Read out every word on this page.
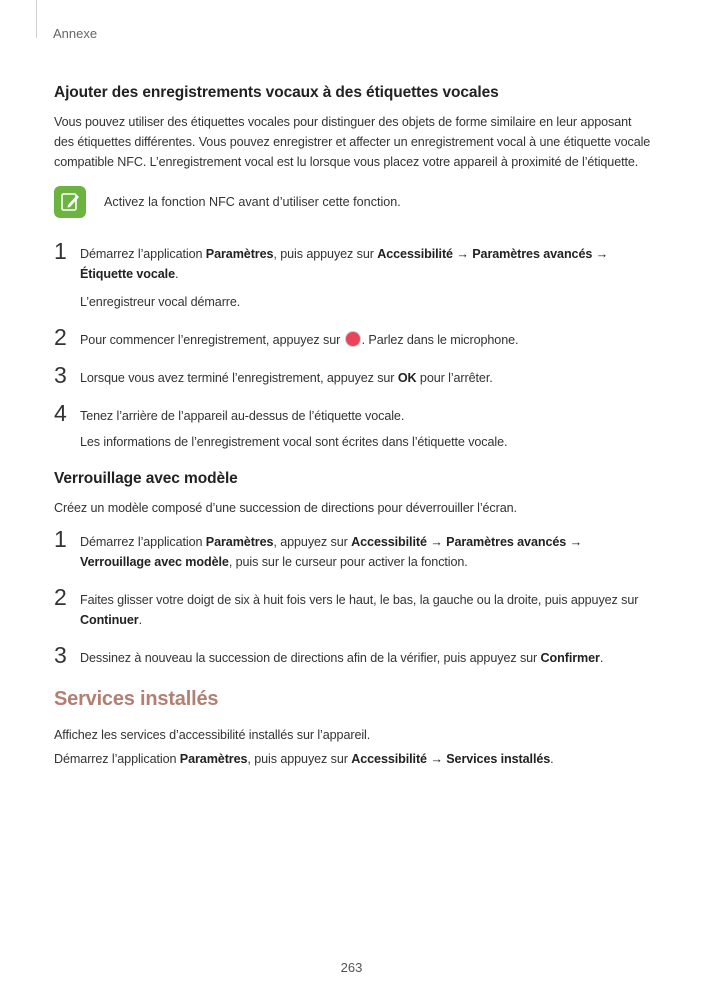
Annexe
Ajouter des enregistrements vocaux à des étiquettes vocales

Vous pouvez utiliser des étiquettes vocales pour distinguer des objets de forme similaire en leur apposant des étiquettes différentes. Vous pouvez enregistrer et affecter un enregistrement vocal à une étiquette vocale compatible NFC. L’enregistrement vocal est lu lorsque vous placez votre appareil à proximité de l’étiquette.

Activez la fonction NFC avant d’utiliser cette fonction.
1 Démarrez l’application Paramètres, puis appuyez sur Accessibilité → Paramètres avancés → Étiquette vocale.

L’enregistreur vocal démarre.

2 Pour commencer l’enregistrement, appuyez sur . Parlez dans le microphone.

3 Lorsque vous avez terminé l’enregistrement, appuyez sur OK pour l’arrêter.

4 Tenez l’arrière de l’appareil au-dessus de l’étiquette vocale.

Les informations de l’enregistrement vocal sont écrites dans l’étiquette vocale.

Verrouillage avec modèle

Créez un modèle composé d’une succession de directions pour déverrouiller l’écran.

1 Démarrez l’application Paramètres, appuyez sur Accessibilité → Paramètres avancés → Verrouillage avec modèle, puis sur le curseur pour activer la fonction.

2 Faites glisser votre doigt de six à huit fois vers le haut, le bas, la gauche ou la droite, puis appuyez sur Continuer.

3 Dessinez à nouveau la succession de directions afin de la vérifier, puis appuyez sur Confirmer.

Services installés

Affichez les services d’accessibilité installés sur l’appareil.

Démarrez l’application Paramètres, puis appuyez sur Accessibilité → Services installés.

263
